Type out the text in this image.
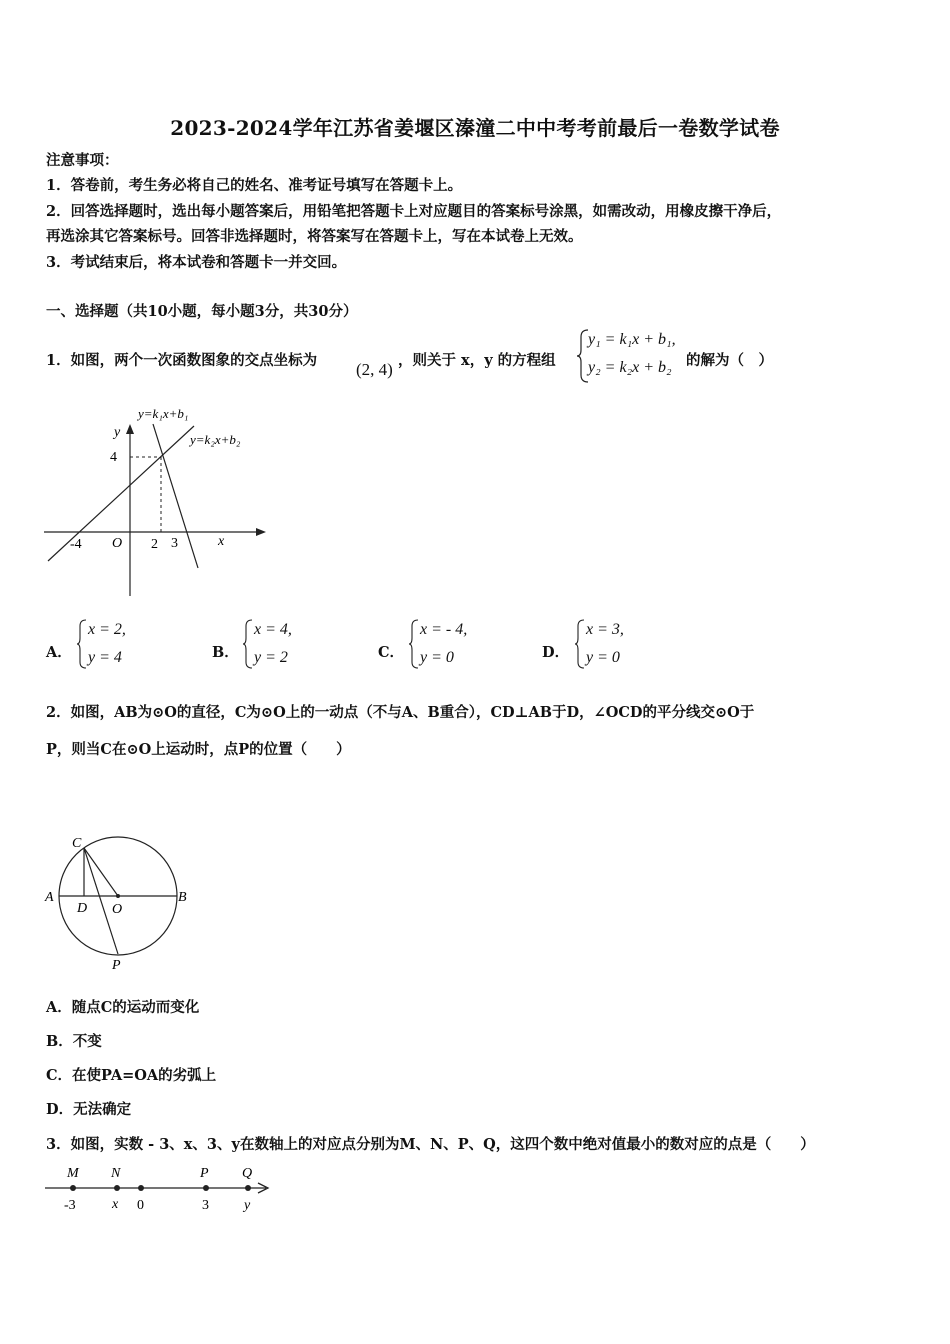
2023-2024学年江苏省姜堰区溱潼二中中考考前最后一卷数学试卷
注意事项：
1．答卷前，考生务必将自己的姓名、准考证号填写在答题卡上。
2．回答选择题时，选出每小题答案后，用铅笔把答题卡上对应题目的答案标号涂黑，如需改动，用橡皮擦干净后，
再选涂其它答案标号。回答非选择题时，将答案写在答题卡上，写在本试卷上无效。
3．考试结束后，将本试卷和答题卡一并交回。
一、选择题（共10小题，每小题3分，共30分）
1．如图，两个一次函数图象的交点坐标为 (2, 4) ，则关于 x，y 的方程组
y₁ = k₁x + b₁,
y₂ = k₂x + b₂ 的解为（　）
y=k₁x+b₁
y=k₂x+b₂
y
x
O
4
-4	2 3
A．
x = 2,
y = 4	B．
x = 4,
y = 2	C．
x = - 4,
y = 0	D．
x = 3,
y = 0
2．如图，AB为⊙O的直径，C为⊙O上的一动点（不与A、B重合），CD⊥AB于D，∠OCD的平分线交⊙O于
P，则当C在⊙O上运动时，点P的位置（　　）
C
A	B
D O
P
A．随点C的运动而变化
B．不变
C．在使PA=OA的劣弧上
D．无法确定
3．如图，实数 - 3、x、3、y在数轴上的对应点分别为M、N、P、Q，这四个数中绝对值最小的数对应的点是（　　）
M N	P Q
-3	x 0	3	y
